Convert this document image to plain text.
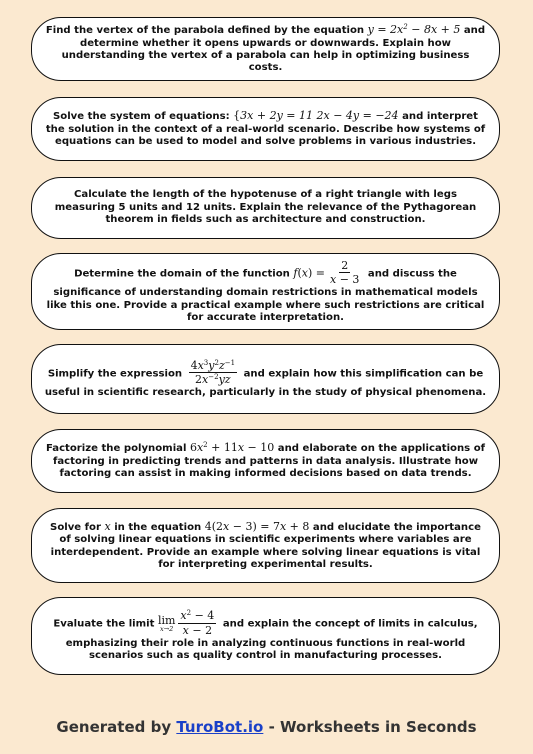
Find the vertex of the parabola defined by the equation $y = 2x^2 - 8x + 5$ and determine whether it opens upwards or downwards. Explain how understanding the vertex of a parabola can help in optimizing business costs.

Solve the system of equations: {3x + 2y = 11 2x − 4y = −24 and interpret the solution in the context of a real-world scenario. Describe how systems of equations can be used to model and solve problems in various industries.

Calculate the length of the hypotenuse of a right triangle with legs measuring 5 units and 12 units. Explain the relevance of the Pythagorean theorem in fields such as architecture and construction.

Determine the domain of the function $f(x) = \frac{2}{x - 3}$ and discuss the significance of understanding domain restrictions in mathematical models like this one. Provide a practical example where such restrictions are critical for accurate interpretation.

Simplify the expression $\frac{4x^3y^2z^{-1}}{2x^{-2}yz}$ and explain how this simplification can be useful in scientific research, particularly in the study of physical phenomena.

Factorize the polynomial $6x^2 + 11x - 10$ and elaborate on the applications of factoring in predicting trends and patterns in data analysis. Illustrate how factoring can assist in making informed decisions based on data trends.

Solve for x in the equation 4(2x − 3) = 7x + 8 and elucidate the importance of solving linear equations in scientific experiments where variables are interdependent. Provide an example where solving linear equations is vital for interpreting experimental results.

Evaluate the limit lim
$x\to 2 \frac{x^2 - 4}{x - 2}$ and explain the concept of limits in calculus, emphasizing their role in analyzing continuous functions in real-world scenarios such as quality control in manufacturing processes.

Generated by TuroBot.io - Worksheets in Seconds
